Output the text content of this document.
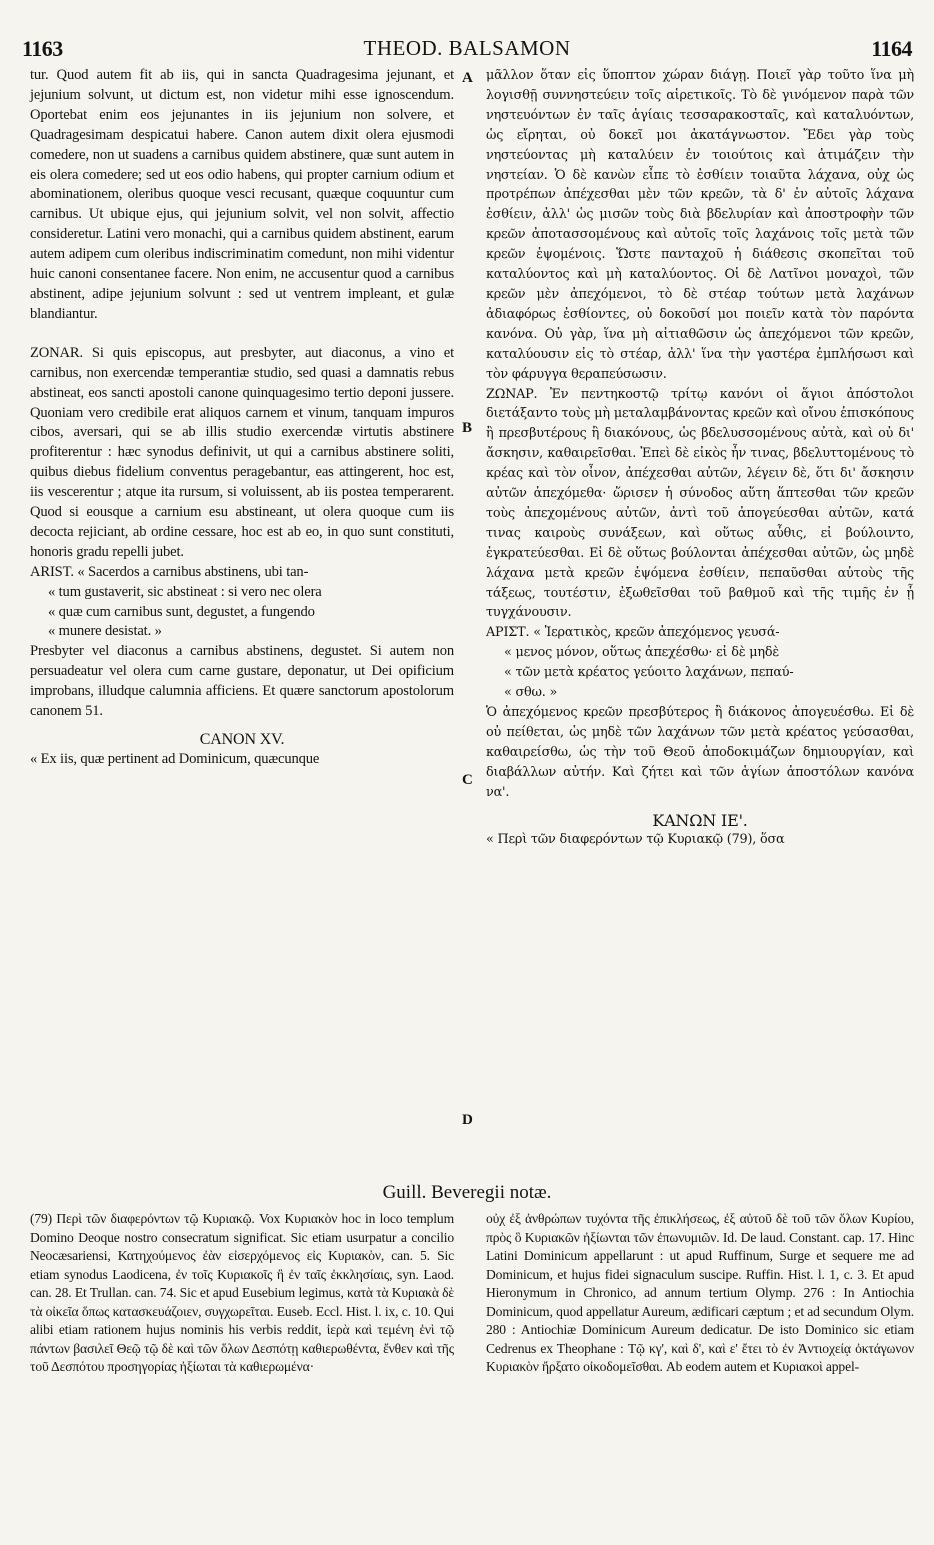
1163	THEOD. BALSAMON	1164

tur. Quod autem fit ab iis, qui in sancta Quadragesima jejunant, et jejunium solvunt, ut dictum est, non videtur mihi esse ignoscendum. Oportebat enim eos jejunantes in iis jejunium non solvere, et Quadragesimam despicatui habere. Canon autem dixit olera ejusmodi comedere, non ut suadens a carnibus quidem abstinere, quæ sunt autem in eis olera comedere; sed ut eos odio habens, qui propter carnium odium et abominationem, oleribus quoque vesci recusant, quæque coquuntur cum carnibus. Ut ubique ejus, qui jejunium solvit, vel non solvit, affectio consideretur. Latini vero monachi, qui a carnibus quidem abstinent, earum autem adipem cum oleribus indiscriminatim comedunt, non mihi videntur huic canoni consentanee facere. Non enim, ne accusentur quod a carnibus abstinent, adipe jejunium solvunt : sed ut ventrem impleant, et gulæ blandiantur.

ZONAR. Si quis episcopus, aut presbyter, aut diaconus, a vino et carnibus, non exercendæ temperantiæ studio, sed quasi a damnatis rebus abstineat, eos sancti apostoli canone quinquagesimo tertio deponi jussere. Quoniam vero credibile erat aliquos carnem et vinum, tanquam impuros cibos, aversari, qui se ab illis studio exercendæ virtutis abstinere profiterentur : hæc synodus definivit, ut qui a carnibus abstinere soliti, quibus diebus fidelium conventus peragebantur, eas attingerent, hoc est, iis vescerentur ; atque ita rursum, si voluissent, ab iis postea temperarent. Quod si eousque a carnium esu abstineant, ut olera quoque cum iis decocta rejiciant, ab ordine cessare, hoc est ab eo, in quo sunt constituti, honoris gradu repelli jubet.

ARIST. « Sacerdos a carnibus abstinens, ubi tan-

« tum gustaverit, sic abstineat : si vero nec olera

« quæ cum carnibus sunt, degustet, a fungendo

« munere desistat. »

Presbyter vel diaconus a carnibus abstinens, degustet. Si autem non persuadeatur vel olera cum carne gustare, deponatur, ut Dei opificium improbans, illudque calumnia afficiens. Et quære sanctorum apostolorum canonem 51.

CANON XV.

« Ex iis, quæ pertinent ad Dominicum, quæcunque

A
B
C
D

μᾶλλον ὅταν εἰς ὕποπτον χώραν διάγῃ. Ποιεῖ γὰρ τοῦτο ἵνα μὴ λογισθῇ συννηστεύειν τοῖς αἱρετικοῖς. Τὸ δὲ γινόμενον παρὰ τῶν νηστευόντων ἐν ταῖς ἁγίαις τεσσαρακοσταῖς, καὶ καταλυόντων, ὡς εἴρηται, οὐ δοκεῖ μοι ἀκατάγνωστον. Ἔδει γὰρ τοὺς νηστεύοντας μὴ καταλύειν ἐν τοιούτοις καὶ ἀτιμάζειν τὴν νηστείαν. Ὁ δὲ κανὼν εἶπε τὸ ἐσθίειν τοιαῦτα λάχανα, οὐχ ὡς προτρέπων ἀπέχεσθαι μὲν τῶν κρεῶν, τὰ δ' ἐν αὐτοῖς λάχανα ἐσθίειν, ἀλλ' ὡς μισῶν τοὺς διὰ βδελυρίαν καὶ ἀποστροφὴν τῶν κρεῶν ἀποτασσομένους καὶ αὐτοῖς τοῖς λαχάνοις τοῖς μετὰ τῶν κρεῶν ἑψομένοις. Ὥστε πανταχοῦ ἡ διάθεσις σκοπεῖται τοῦ καταλύοντος καὶ μὴ καταλύοντος. Οἱ δὲ Λατῖνοι μοναχοὶ, τῶν κρεῶν μὲν ἀπεχόμενοι, τὸ δὲ στέαρ τούτων μετὰ λαχάνων ἀδιαφόρως ἐσθίοντες, οὐ δοκοῦσί μοι ποιεῖν κατὰ τὸν παρόντα κανόνα. Οὐ γὰρ, ἵνα μὴ αἰτιαθῶσιν ὡς ἀπεχόμενοι τῶν κρεῶν, καταλύουσιν εἰς τὸ στέαρ, ἀλλ' ἵνα τὴν γαστέρα ἐμπλήσωσι καὶ τὸν φάρυγγα θεραπεύσωσιν.

ΖΩΝΑΡ. Ἐν πεντηκοστῷ τρίτῳ κανόνι οἱ ἅγιοι ἀπόστολοι διετάξαντο τοὺς μὴ μεταλαμβάνοντας κρεῶν καὶ οἴνου ἐπισκόπους ἢ πρεσβυτέρους ἢ διακόνους, ὡς βδελυσσομένους αὐτὰ, καὶ οὐ δι' ἄσκησιν, καθαιρεῖσθαι. Ἐπεὶ δὲ εἰκὸς ἦν τινας, βδελυττομένους τὸ κρέας καὶ τὸν οἶνον, ἀπέχεσθαι αὐτῶν, λέγειν δὲ, ὅτι δι' ἄσκησιν αὐτῶν ἀπεχόμεθα· ὥρισεν ἡ σύνοδος αὕτη ἅπτεσθαι τῶν κρεῶν τοὺς ἀπεχομένους αὐτῶν, ἀντὶ τοῦ ἀπογεύεσθαι αὐτῶν, κατά τινας καιροὺς συνάξεων, καὶ οὕτως αὖθις, εἰ βούλοιντο, ἐγκρατεύεσθαι. Εἰ δὲ οὕτως βούλονται ἀπέχεσθαι αὐτῶν, ὡς μηδὲ λάχανα μετὰ κρεῶν ἑψόμενα ἐσθίειν, πεπαῦσθαι αὐτοὺς τῆς τάξεως, τουτέστιν, ἐξωθεῖσθαι τοῦ βαθμοῦ καὶ τῆς τιμῆς ἐν ᾗ τυγχάνουσιν.

ΑΡΙΣΤ. « Ἱερατικὸς, κρεῶν ἀπεχόμενος γευσά-

« μενος μόνον, οὕτως ἀπεχέσθω· εἰ δὲ μηδὲ

« τῶν μετὰ κρέατος γεύοιτο λαχάνων, πεπαύ-

« σθω. »

Ὁ ἀπεχόμενος κρεῶν πρεσβύτερος ἢ διάκονος ἀπογευέσθω. Εἰ δὲ οὐ πείθεται, ὡς μηδὲ τῶν λαχάνων τῶν μετὰ κρέατος γεύσασθαι, καθαιρείσθω, ὡς τὴν τοῦ Θεοῦ ἀποδοκιμάζων δημιουργίαν, καὶ διαβάλλων αὐτήν. Καὶ ζήτει καὶ τῶν ἁγίων ἀποστόλων κανόνα να'.

ΚΑΝΩΝ ΙΕ'.

« Περὶ τῶν διαφερόντων τῷ Κυριακῷ (79), ὅσα

Guill. Beveregii notæ.

(79) Περὶ τῶν διαφερόντων τῷ Κυριακῷ. Vox Κυριακὸν hoc in loco templum Domino Deoque nostro consecratum significat. Sic etiam usurpatur a concilio Neocæsariensi, Κατηχούμενος ἐὰν εἰσερχόμενος εἰς Κυριακὸν, can. 5. Sic etiam synodus Laodicena, ἐν τοῖς Κυριακοῖς ἢ ἐν ταῖς ἐκκλησίαις, syn. Laod. can. 28. Et Trullan. can. 74. Sic et apud Eusebium legimus, κατὰ τὰ Κυριακὰ δὲ τὰ οἰκεῖα ὅπως κατασκευάζοιεν, συγχωρεῖται. Euseb. Eccl. Hist. l. ix, c. 10. Qui alibi etiam rationem hujus nominis his verbis reddit, ἱερὰ καὶ τεμένη ἑνὶ τῷ πάντων βασιλεῖ Θεῷ τῷ δὲ καὶ τῶν ὅλων Δεσπότῃ καθιερωθέντα, ἔνθεν καὶ τῆς τοῦ Δεσπότου προσηγορίας ἠξίωται τὰ καθιερωμένα·

οὐχ ἐξ ἀνθρώπων τυχόντα τῆς ἐπικλήσεως, ἐξ αὐτοῦ δὲ τοῦ τῶν ὅλων Κυρίου, πρὸς ὃ Κυριακῶν ἠξίωνται τῶν ἐπωνυμιῶν. Id. De laud. Constant. cap. 17. Hinc Latini Dominicum appellarunt : ut apud Ruffinum, Surge et sequere me ad Dominicum, et hujus fidei signaculum suscipe. Ruffin. Hist. l. 1, c. 3. Et apud Hieronymum in Chronico, ad annum tertium Olymp. 276 : In Antiochia Dominicum, quod appellatur Aureum, ædificari cæptum ; et ad secundum Olym. 280 : Antiochiæ Dominicum Aureum dedicatur. De isto Dominico sic etiam Cedrenus ex Theophane : Τῷ κγ', καὶ δ', καὶ ε' ἔτει τὸ ἐν Ἀντιοχείᾳ ὀκτάγωνον Κυριακὸν ἤρξατο οἰκοδομεῖσθαι. Ab eodem autem et Κυριακοὶ appel-
